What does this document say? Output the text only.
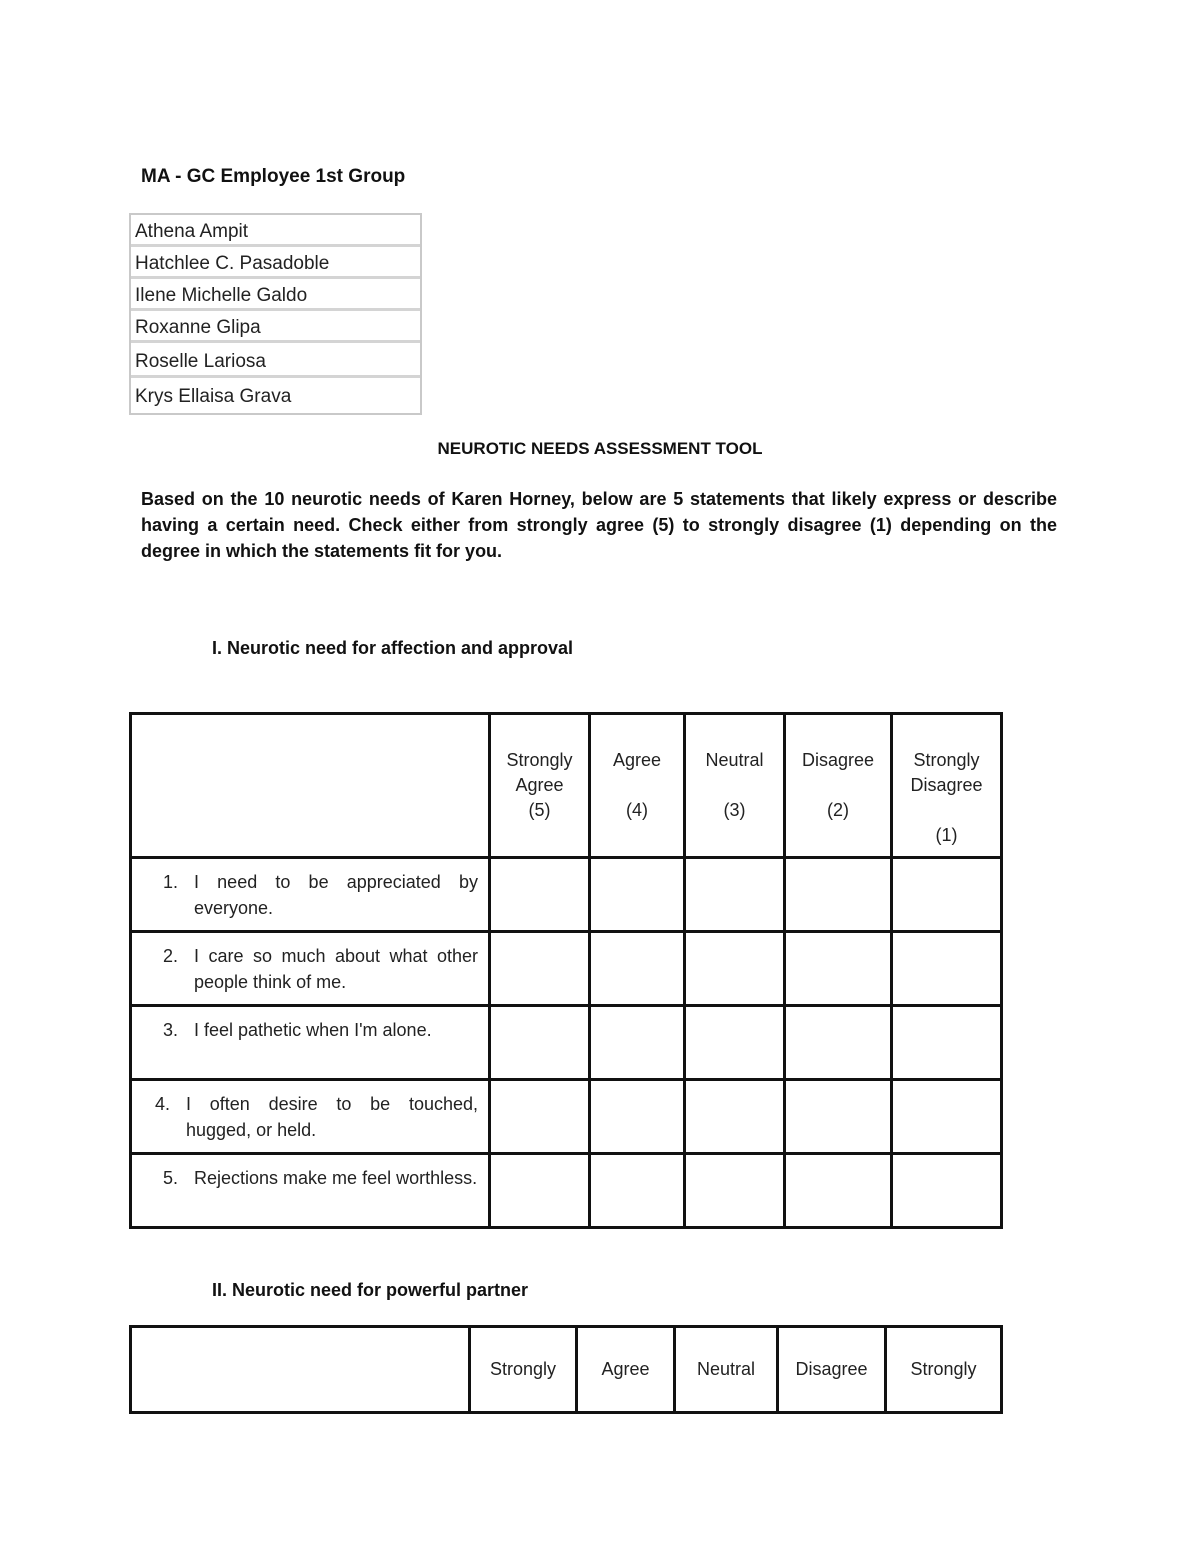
MA - GC Employee 1st Group
Athena Ampit
Hatchlee C. Pasadoble
Ilene Michelle Galdo
Roxanne Glipa
Roselle Lariosa
Krys Ellaisa Grava
NEUROTIC NEEDS ASSESSMENT TOOL
Based on the 10 neurotic needs of Karen Horney, below are 5 statements that likely express or describe having a certain need. Check either from strongly agree (5) to strongly disagree (1) depending on the degree in which the statements fit for you.
I. Neurotic need for affection and approval

	Strongly
Agree
(5)	Agree
(4)	Neutral
(3)	Disagree
(2)	Strongly
Disagree
(1)

1. I need to be appreciated by everyone.					

2. I care so much about what other people think of me.					

3. I feel pathetic when I'm alone.					

4. I often desire to be touched, hugged, or held.					

5. Rejections make me feel worthless.					

II. Neurotic need for powerful partner
	Strongly	Agree	Neutral	Disagree	Strongly
